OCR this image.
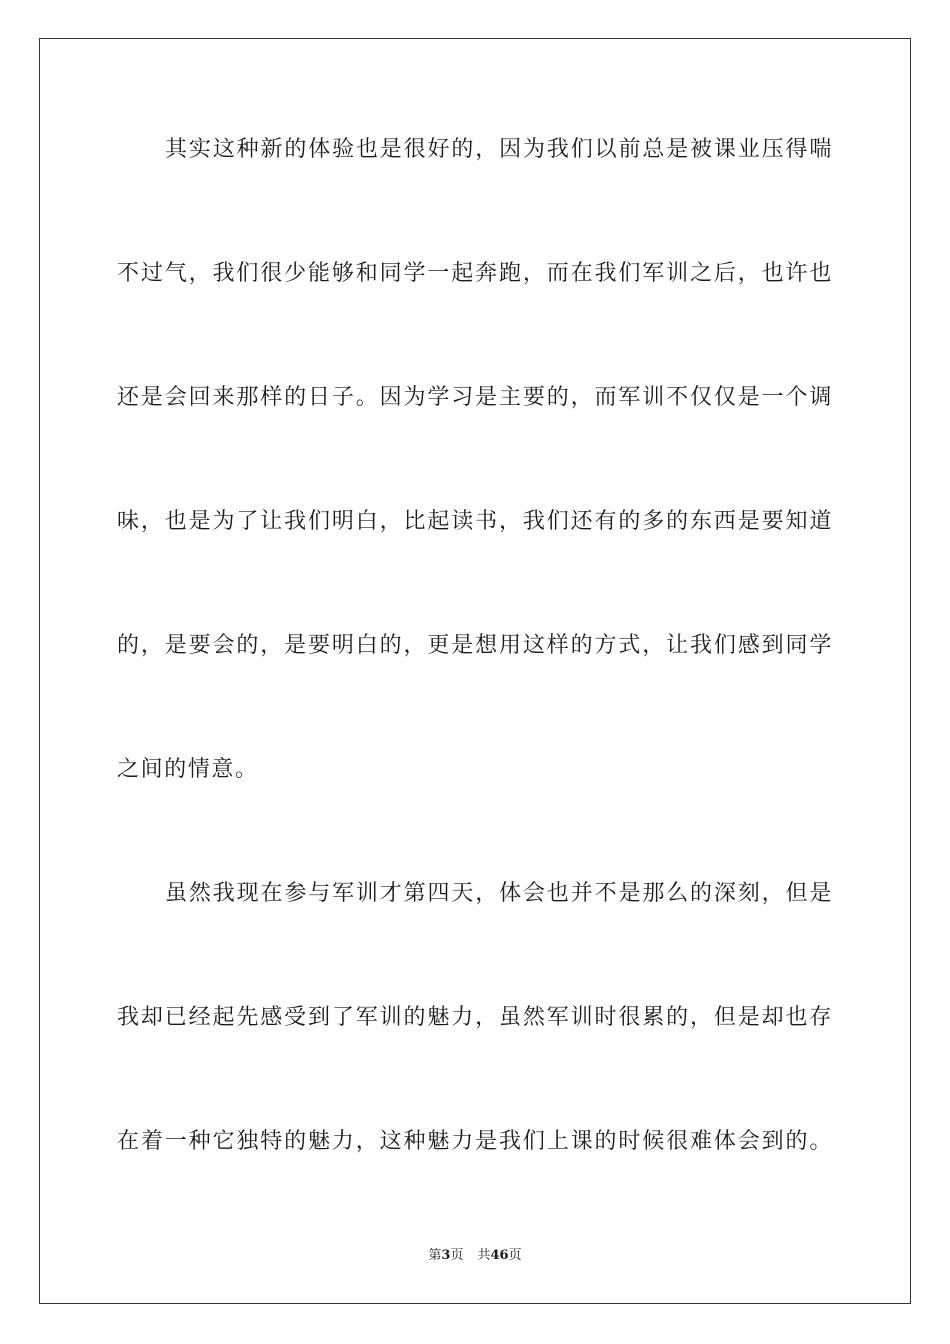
其实这种新的体验也是很好的，因为我们以前总是被课业压得喘
不过气，我们很少能够和同学一起奔跑，而在我们军训之后，也许也
还是会回来那样的日子。因为学习是主要的，而军训不仅仅是一个调
味，也是为了让我们明白，比起读书，我们还有的多的东西是要知道
的，是要会的，是要明白的，更是想用这样的方式，让我们感到同学
之间的情意。
虽然我现在参与军训才第四天，体会也并不是那么的深刻，但是
我却已经起先感受到了军训的魅力，虽然军训时很累的，但是却也存
在着一种它独特的魅力，这种魅力是我们上课的时候很难体会到的。
第3页 共46页
